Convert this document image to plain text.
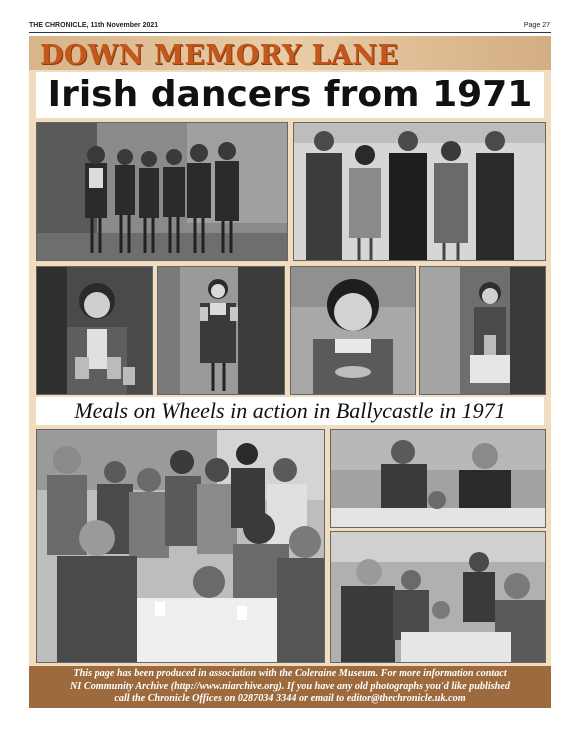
THE CHRONICLE, 11th November 2021	Page 27
DOWN MEMORY LANE
Irish dancers from 1971
Meals on Wheels in action in Ballycastle in 1971
This page has been produced in association with the Coleraine Museum. For more information contact
NI Community Archive (http://www.niarchive.org). If you have any old photographs you'd like published
call the Chronicle Offices on 0287034 3344 or email to editor@thechronicle.uk.com
